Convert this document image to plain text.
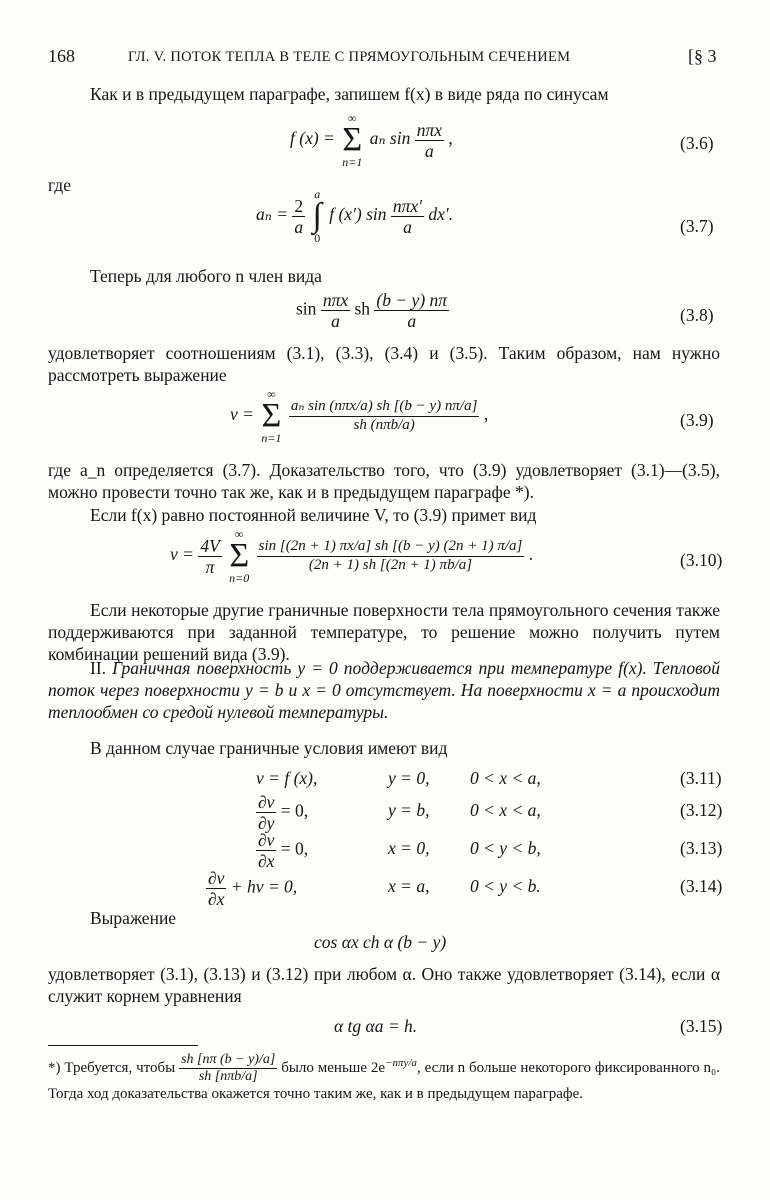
168	ГЛ. V. ПОТОК ТЕПЛА В ТЕЛЕ С ПРЯМОУГОЛЬНЫМ СЕЧЕНИЕМ	[§ 3
Как и в предыдущем параграфе, запишем f(x) в виде ряда по синусам
f (x) =
∞
Σ
n=1
aₙ $\sin \frac{\text{nπx}}{a}$ ,	(3.6)
где
$a_n = \frac{2}{a}$

a
∫
0
f (x′) $\sin \frac{\text{nπx′}}{a} dx'$.
(3.7)
Теперь для любого n член вида
$\sin \frac{\text{nπx}}{a}$ sh $\frac{(b - y) n\pi}{a}$	(3.8)
удовлетворяет соотношениям (3.1), (3.3), (3.4) и (3.5). Таким образом, нам нужно рассмотреть выражение
v =
∞
Σ
n=1

$\frac{\text{aₙ sin (nπx/a) sh [(b − y) nπ/a]}}{\text{sh (nπb/a)}}$ ,	(3.9)
где a_n определяется (3.7). Доказательство того, что (3.9) удовлетворяет (3.1)—(3.5), можно провести точно так же, как и в предыдущем параграфе *).
Если f(x) равно постоянной величине V, то (3.9) примет вид
$v = \frac{4V}{\pi}$

∞
Σ
n=0

$\frac{\sin [(2n + 1) \pi x/a] sh [(b - y) (2n + 1) \pi/a]}{(2n + 1) sh [(2n + 1) \pi b/a]}$ .	(3.10)
Если некоторые другие граничные поверхности тела прямоугольного сечения также поддерживаются при заданной температуре, то решение можно получить путем комбинации решений вида (3.9).
II. Граничная поверхность y = 0 поддерживается при температуре f(x). Тепловой поток через поверхности y = b и x = 0 отсутствует. На поверхности x = a происходит теплообмен со средой нулевой температуры.
В данном случае граничные условия имеют вид
v = f (x),	y = 0, 0 < x < a,	(3.11)
$\frac{\partial v}{\partial y} = 0$,	y = b, 0 < x < a,	(3.12)
$\frac{\partial v}{\partial x} = 0$,	x = 0, 0 < y < b,	(3.13)
$\frac{\partial v}{\partial x}$ + hv = 0,	x = a, 0 < y < b.	(3.14)
Выражение
cos αx ch α (b − y)
удовлетворяет (3.1), (3.13) и (3.12) при любом α. Оно также удовлетворяет (3.14), если α служит корнем уравнения
α tg αa = h.	(3.15)
*) Требуется, чтобы $\frac{sh [n\pi (b - y)/a]}{\text{sh [nπb/a]}}$ было меньше $2e^{-n\pi y/a}$, если n больше некоторого фиксированного n₀. Тогда ход доказательства окажется точно таким же, как и в предыдущем параграфе.
